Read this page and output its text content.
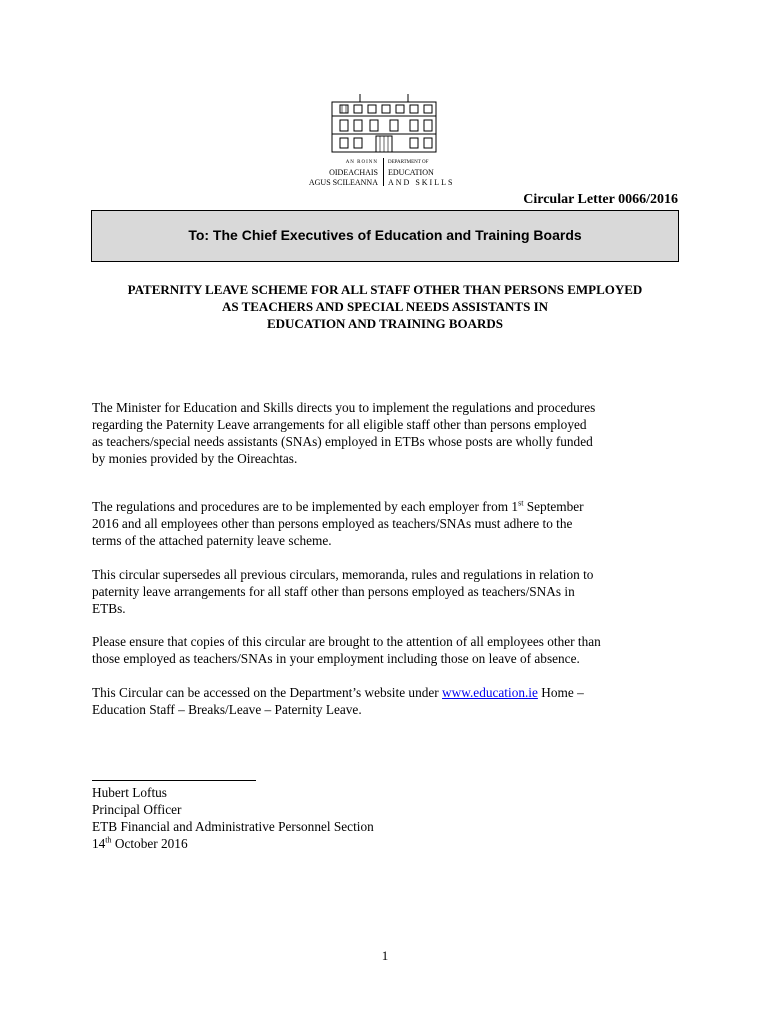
AN ROINN
OIDEACHAIS
AGUS SCILEANNA
DEPARTMENT OF
EDUCATION
AND SKILLS
Circular Letter 0066/2016
To: The Chief Executives of Education and Training Boards
PATERNITY LEAVE SCHEME FOR ALL STAFF OTHER THAN PERSONS EMPLOYED
AS TEACHERS AND SPECIAL NEEDS ASSISTANTS IN
EDUCATION AND TRAINING BOARDS
The Minister for Education and Skills directs you to implement the regulations and procedures
regarding the Paternity Leave arrangements for all eligible staff other than persons employed
as teachers/special needs assistants (SNAs) employed in ETBs whose posts are wholly funded
by monies provided by the Oireachtas.
The regulations and procedures are to be implemented by each employer from 1st September
2016 and all employees other than persons employed as teachers/SNAs must adhere to the
terms of the attached paternity leave scheme.
This circular supersedes all previous circulars, memoranda, rules and regulations in relation to
paternity leave arrangements for all staff other than persons employed as teachers/SNAs in
ETBs.
Please ensure that copies of this circular are brought to the attention of all employees other than
those employed as teachers/SNAs in your employment including those on leave of absence.
This Circular can be accessed on the Department’s website under www.education.ie Home –
Education Staff – Breaks/Leave – Paternity Leave.
Hubert Loftus
Principal Officer
ETB Financial and Administrative Personnel Section
14th October 2016
1
